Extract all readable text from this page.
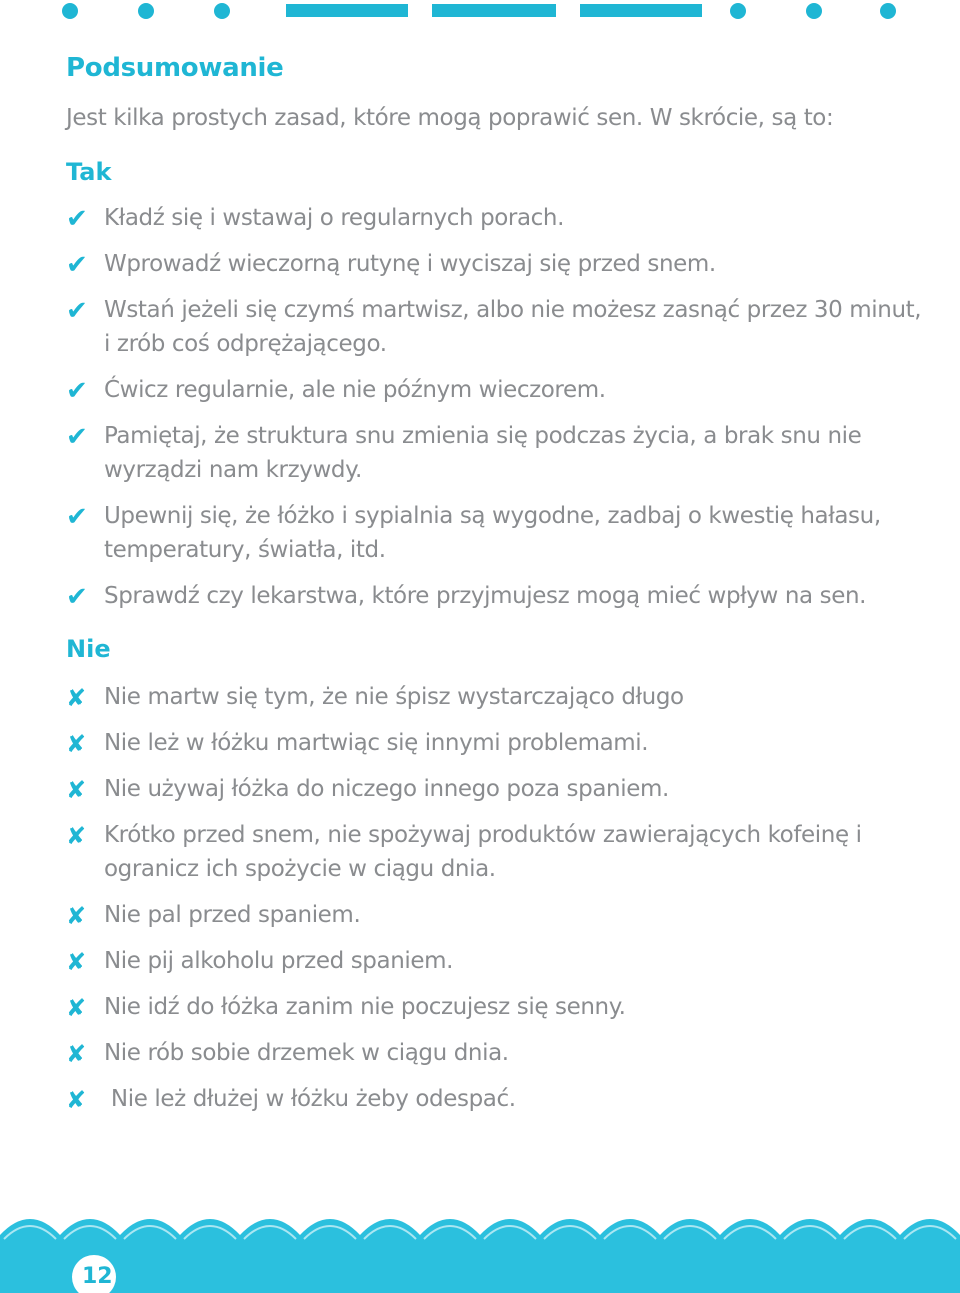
Podsumowanie
Jest kilka prostych zasad, które mogą poprawić sen. W skrócie, są to:
Tak
✔ Kładź się i wstawaj o regularnych porach.
✔ Wprowadź wieczorną rutynę i wyciszaj się przed snem.
✔ Wstań jeżeli się czymś martwisz, albo nie możesz zasnąć przez 30 minut,
i zrób coś odprężającego.
✔ Ćwicz regularnie, ale nie późnym wieczorem.
✔ Pamiętaj, że struktura snu zmienia się podczas życia, a brak snu nie
wyrządzi nam krzywdy.
✔ Upewnij się, że łóżko i sypialnia są wygodne, zadbaj o kwestię hałasu,
temperatury, światła, itd.
✔ Sprawdź czy lekarstwa, które przyjmujesz mogą mieć wpływ na sen.
Nie
✘ Nie martw się tym, że nie śpisz wystarczająco długo
✘ Nie leż w łóżku martwiąc się innymi problemami.
✘ Nie używaj łóżka do niczego innego poza spaniem.
✘ Krótko przed snem, nie spożywaj produktów zawierających kofeinę i
ogranicz ich spożycie w ciągu dnia.
✘ Nie pal przed spaniem.
✘ Nie pij alkoholu przed spaniem.
✘ Nie idź do łóżka zanim nie poczujesz się senny.
✘ Nie rób sobie drzemek w ciągu dnia.
✘ Nie leż dłużej w łóżku żeby odespać.
12
